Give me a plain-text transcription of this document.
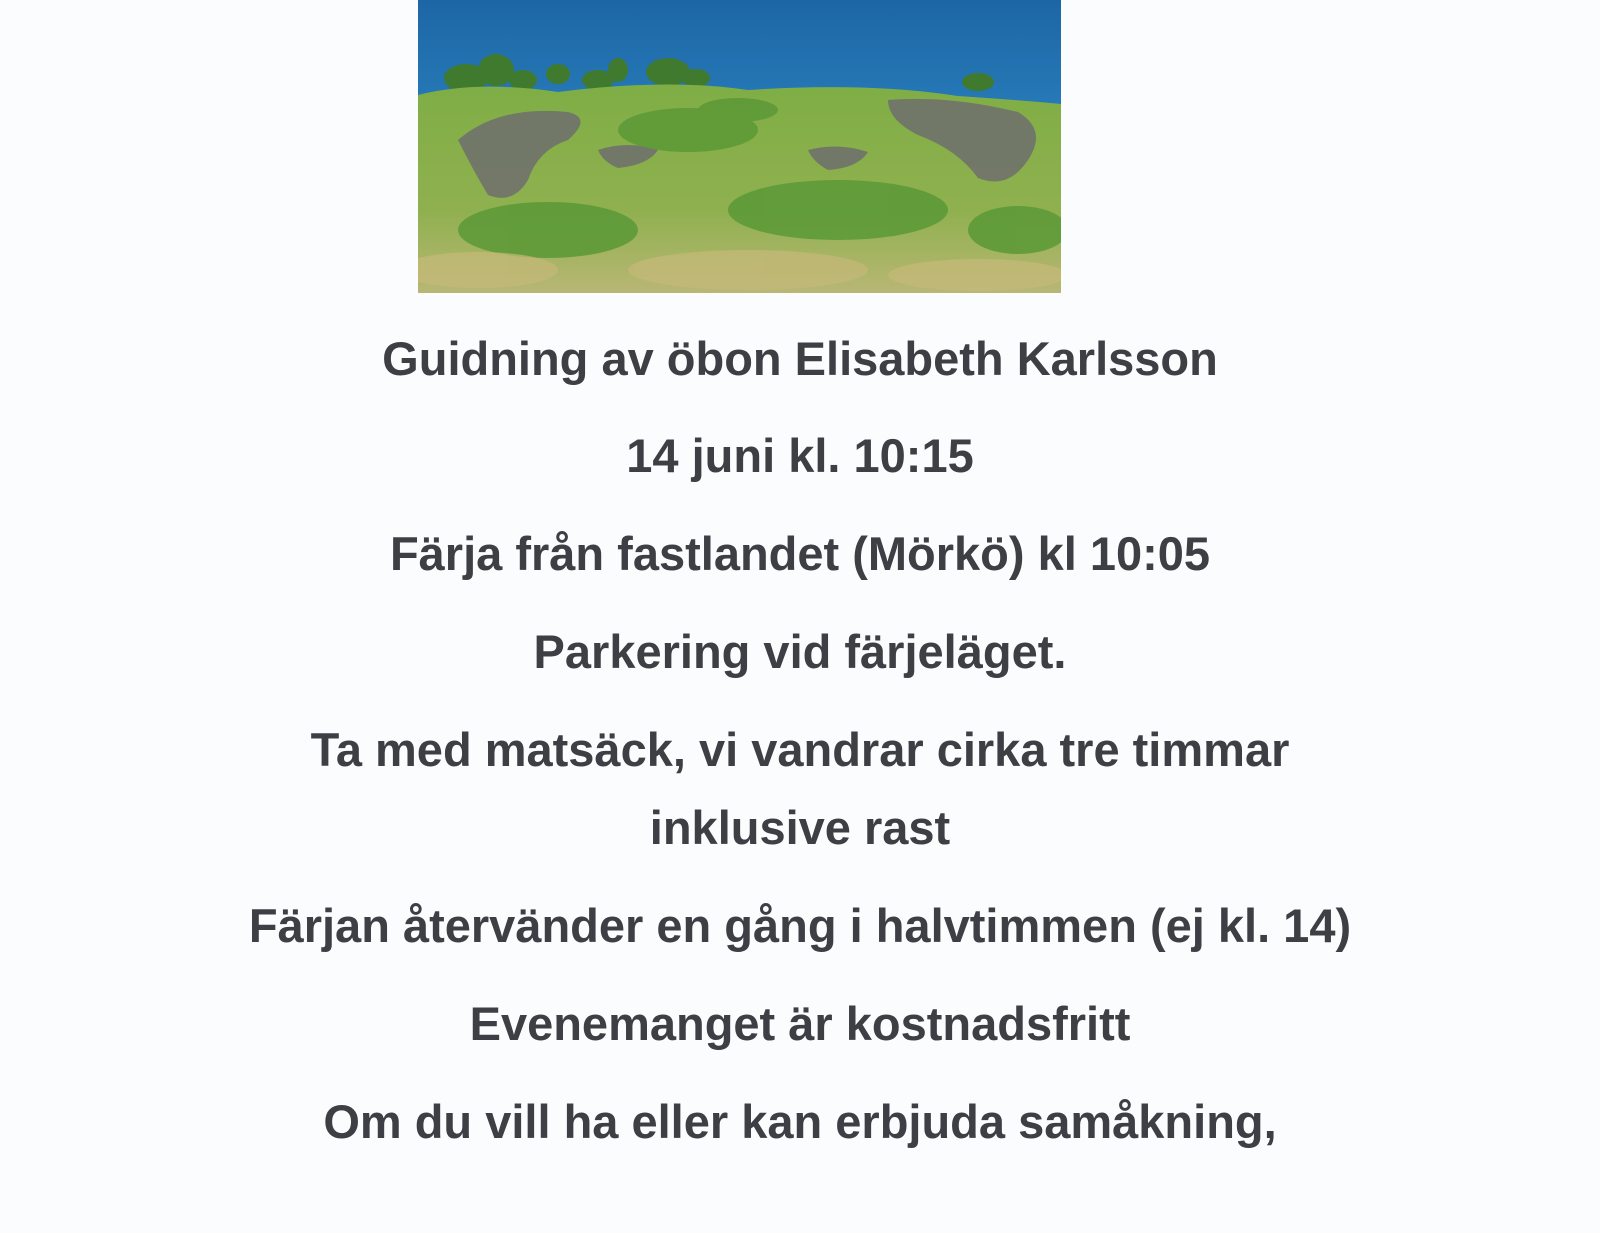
Guidning av öbon Elisabeth Karlsson
14 juni kl. 10:15
Färja från fastlandet (Mörkö) kl 10:05
Parkering vid färjeläget.
Ta med matsäck, vi vandrar cirka tre timmar
inklusive rast
Färjan återvänder en gång i halvtimmen (ej kl. 14)
Evenemanget är kostnadsfritt
Om du vill ha eller kan erbjuda samåkning,
